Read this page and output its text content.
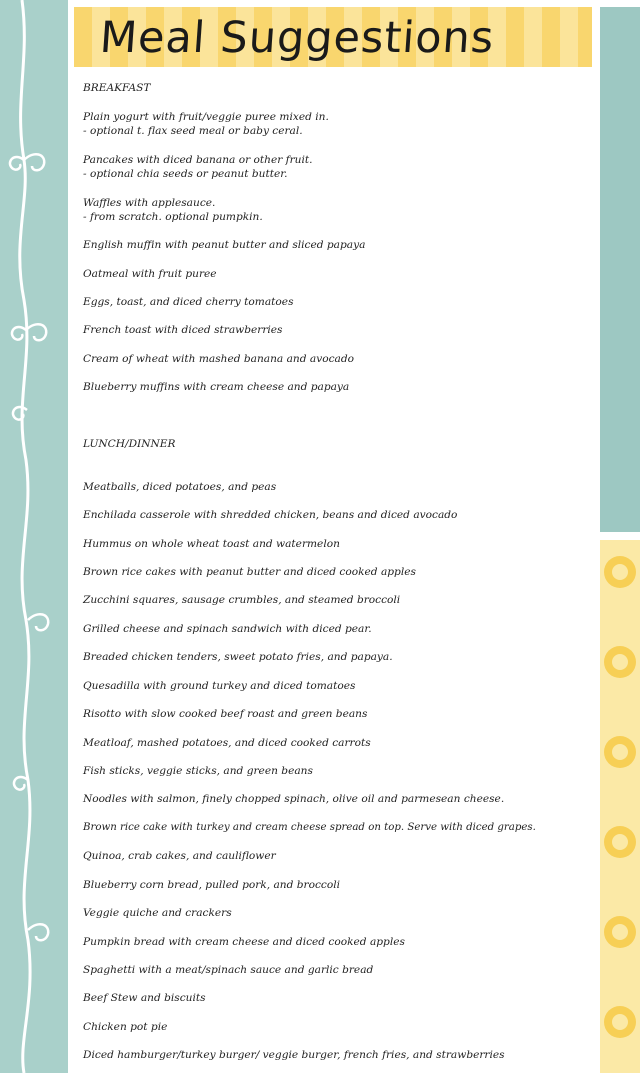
Meal Suggestions
BREAKFAST
Plain yogurt with fruit/veggie puree mixed in.
- optional t. flax seed meal or baby ceral.
Pancakes with diced banana or other fruit.
- optional chia seeds or peanut butter.
Waffles with applesauce.
- from scratch. optional pumpkin.
English muffin with peanut butter and sliced papaya
Oatmeal with fruit puree
Eggs, toast, and diced cherry tomatoes
French toast with diced strawberries
Cream of wheat with mashed banana and avocado
Blueberry muffins with cream cheese and papaya
LUNCH/DINNER
Meatballs, diced potatoes, and peas
Enchilada casserole with shredded chicken, beans and diced avocado
Hummus on whole wheat toast and watermelon
Brown rice cakes with peanut butter and diced cooked apples
Zucchini squares, sausage crumbles, and steamed broccoli
Grilled cheese and spinach sandwich with diced pear.
Breaded chicken tenders, sweet potato fries, and papaya.
Quesadilla with ground turkey and diced tomatoes
Risotto with slow cooked beef roast and green beans
Meatloaf, mashed potatoes, and diced cooked carrots
Fish sticks, veggie sticks, and green beans
Noodles with salmon, finely chopped spinach, olive oil and parmesean cheese.
Brown rice cake with turkey and cream cheese spread on top. Serve with diced grapes.
Quinoa, crab cakes, and cauliflower
Blueberry corn bread, pulled pork, and broccoli
Veggie quiche and crackers
Pumpkin bread with cream cheese and diced cooked apples
Spaghetti with a meat/spinach sauce and garlic bread
Beef Stew and biscuits
Chicken pot pie
Diced hamburger/turkey burger/ veggie burger, french fries, and strawberries
